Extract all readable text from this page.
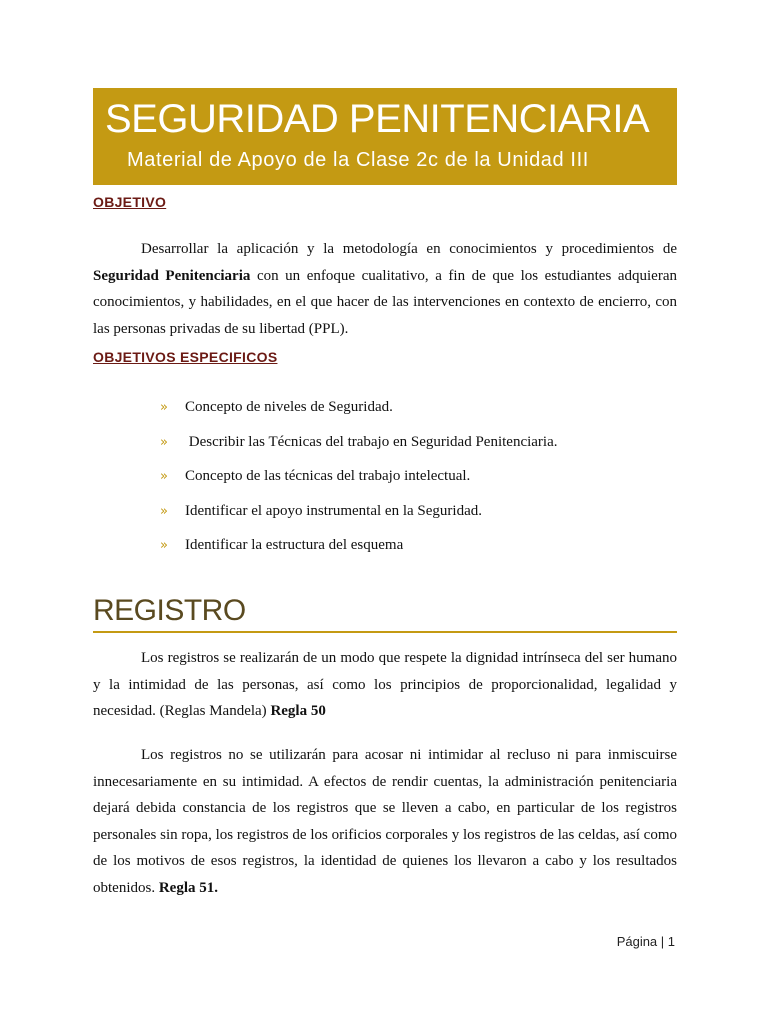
SEGURIDAD PENITENCIARIA
Material de Apoyo de la Clase 2c de la Unidad III
OBJETIVO

Desarrollar la aplicación y la metodología en conocimientos y procedimientos de Seguridad Penitenciaria con un enfoque cualitativo, a fin de que los estudiantes adquieran conocimientos, y habilidades, en el que hacer de las intervenciones en contexto de encierro, con las personas privadas de su libertad (PPL).

OBJETIVOS ESPECIFICOS
» Concepto de niveles de Seguridad.
» Describir las Técnicas del trabajo en Seguridad Penitenciaria.
» Concepto de las técnicas del trabajo intelectual.
» Identificar el apoyo instrumental en la Seguridad.
» Identificar la estructura del esquema
REGISTRO

Los registros se realizarán de un modo que respete la dignidad intrínseca del ser humano y la intimidad de las personas, así como los principios de proporcionalidad, legalidad y necesidad. (Reglas Mandela) Regla 50

Los registros no se utilizarán para acosar ni intimidar al recluso ni para inmiscuirse innecesariamente en su intimidad. A efectos de rendir cuentas, la administración penitenciaria dejará debida constancia de los registros que se lleven a cabo, en particular de los registros personales sin ropa, los registros de los orificios corporales y los registros de las celdas, así como de los motivos de esos registros, la identidad de quienes los llevaron a cabo y los resultados obtenidos. Regla 51.

Página | 1
